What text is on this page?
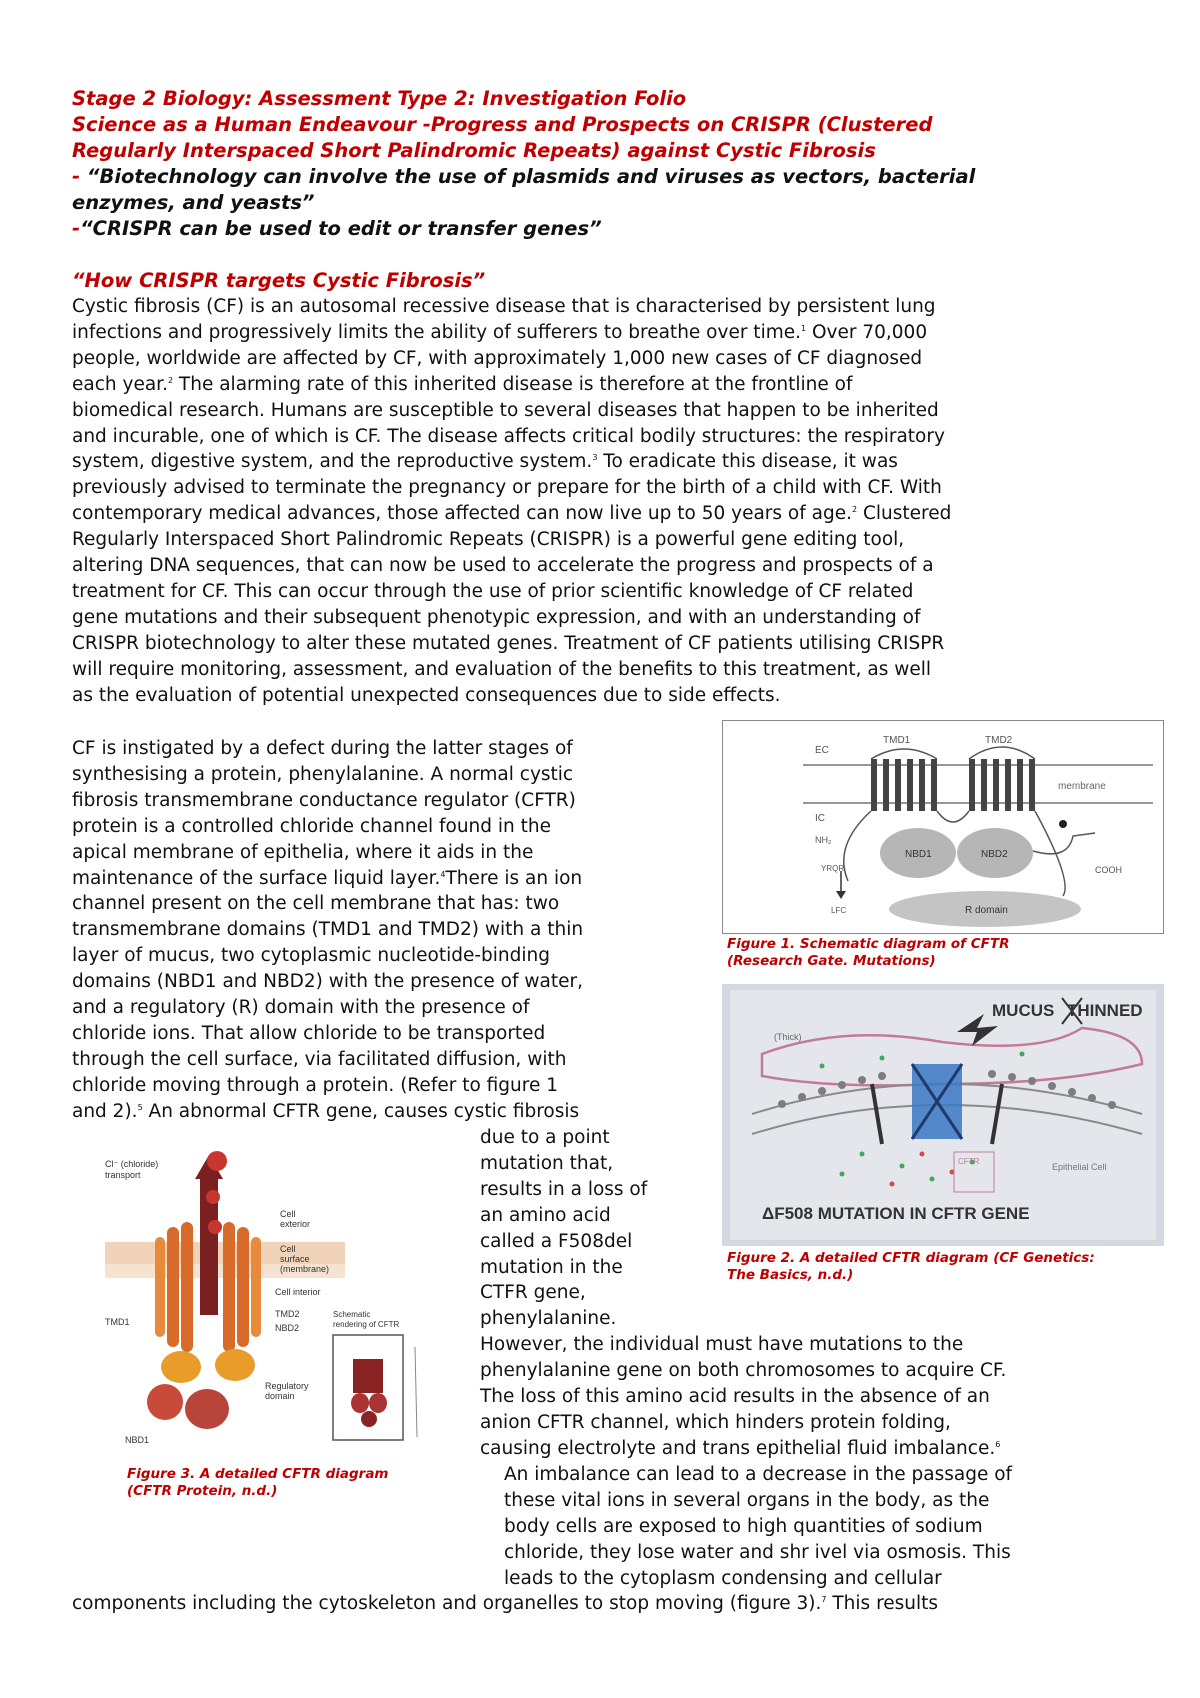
Stage 2 Biology: Assessment Type 2: Investigation Folio
Science as a Human Endeavour -Progress and Prospects on CRISPR (Clustered
Regularly Interspaced Short Palindromic Repeats) against Cystic Fibrosis
- “Biotechnology can involve the use of plasmids and viruses as vectors, bacterial
enzymes, and yeasts”
-“CRISPR can be used to edit or transfer genes”
“How CRISPR targets Cystic Fibrosis”
Cystic fibrosis (CF) is an autosomal recessive disease that is characterised by persistent lung
infections and progressively limits the ability of sufferers to breathe over time.$^1$ Over 70,000
people, worldwide are affected by CF, with approximately 1,000 new cases of CF diagnosed
each year.$^2$ The alarming rate of this inherited disease is therefore at the frontline of
biomedical research. Humans are susceptible to several diseases that happen to be inherited
and incurable, one of which is CF. The disease affects critical bodily structures: the respiratory
system, digestive system, and the reproductive system.$^3$ To eradicate this disease, it was
previously advised to terminate the pregnancy or prepare for the birth of a child with CF. With
contemporary medical advances, those affected can now live up to 50 years of age.$^2$ Clustered
Regularly Interspaced Short Palindromic Repeats (CRISPR) is a powerful gene editing tool,
altering DNA sequences, that can now be used to accelerate the progress and prospects of a
treatment for CF. This can occur through the use of prior scientific knowledge of CF related
gene mutations and their subsequent phenotypic expression, and with an understanding of
CRISPR biotechnology to alter these mutated genes. Treatment of CF patients utilising CRISPR
will require monitoring, assessment, and evaluation of the benefits to this treatment, as well
as the evaluation of potential unexpected consequences due to side effects.
CF is instigated by a defect during the latter stages of
synthesising a protein, phenylalanine. A normal cystic
fibrosis transmembrane conductance regulator (CFTR)
protein is a controlled chloride channel found in the
apical membrane of epithelia, where it aids in the
maintenance of the surface liquid layer.$^4$There is an ion
channel present on the cell membrane that has: two
transmembrane domains (TMD1 and TMD2) with a thin
layer of mucus, two cytoplasmic nucleotide-binding
domains (NBD1 and NBD2) with the presence of water,
and a regulatory (R) domain with the presence of
chloride ions. That allow chloride to be transported
through the cell surface, via facilitated diffusion, with
chloride moving through a protein. (Refer to figure 1
and 2).$^5$ An abnormal CFTR gene, causes cystic fibrosis
due to a point
mutation that,
results in a loss of
an amino acid
called a F508del
mutation in the
CTFR gene,
phenylalanine.
However, the individual must have mutations to the
phenylalanine gene on both chromosomes to acquire CF.
The loss of this amino acid results in the absence of an
anion CFTR channel, which hinders protein folding,
causing electrolyte and trans epithelial fluid imbalance.$^6$
An imbalance can lead to a decrease in the passage of
these vital ions in several organs in the body, as the
body cells are exposed to high quantities of sodium
chloride, they lose water and shr ivel via osmosis. This
leads to the cytoplasm condensing and cellular
components including the cytoskeleton and organelles to stop moving (figure 3).$^7$ This results
EC
IC
membrane
TMD1	TMD2
NBD1	NBD2
R domain
NH₂
COOH
YRQR
LFC
Figure 1. Schematic diagram of CFTR
(Research Gate. Mutations)
MUCUS THINNED
(Thick)
Epithelial Cell
CFTR
ΔF508 MUTATION IN CFTR GENE
Figure 2. A detailed CFTR diagram (CF Genetics:
The Basics, n.d.)
Cl⁻ (chloride)
transport
Cell
exterior
Cell
surface
(membrane)
Cell interior
TMD1
TMD2
NBD2
Regulatory
domain
NBD1
Schematic
rendering of CFTR
Figure 3. A detailed CFTR diagram
(CFTR Protein, n.d.)
